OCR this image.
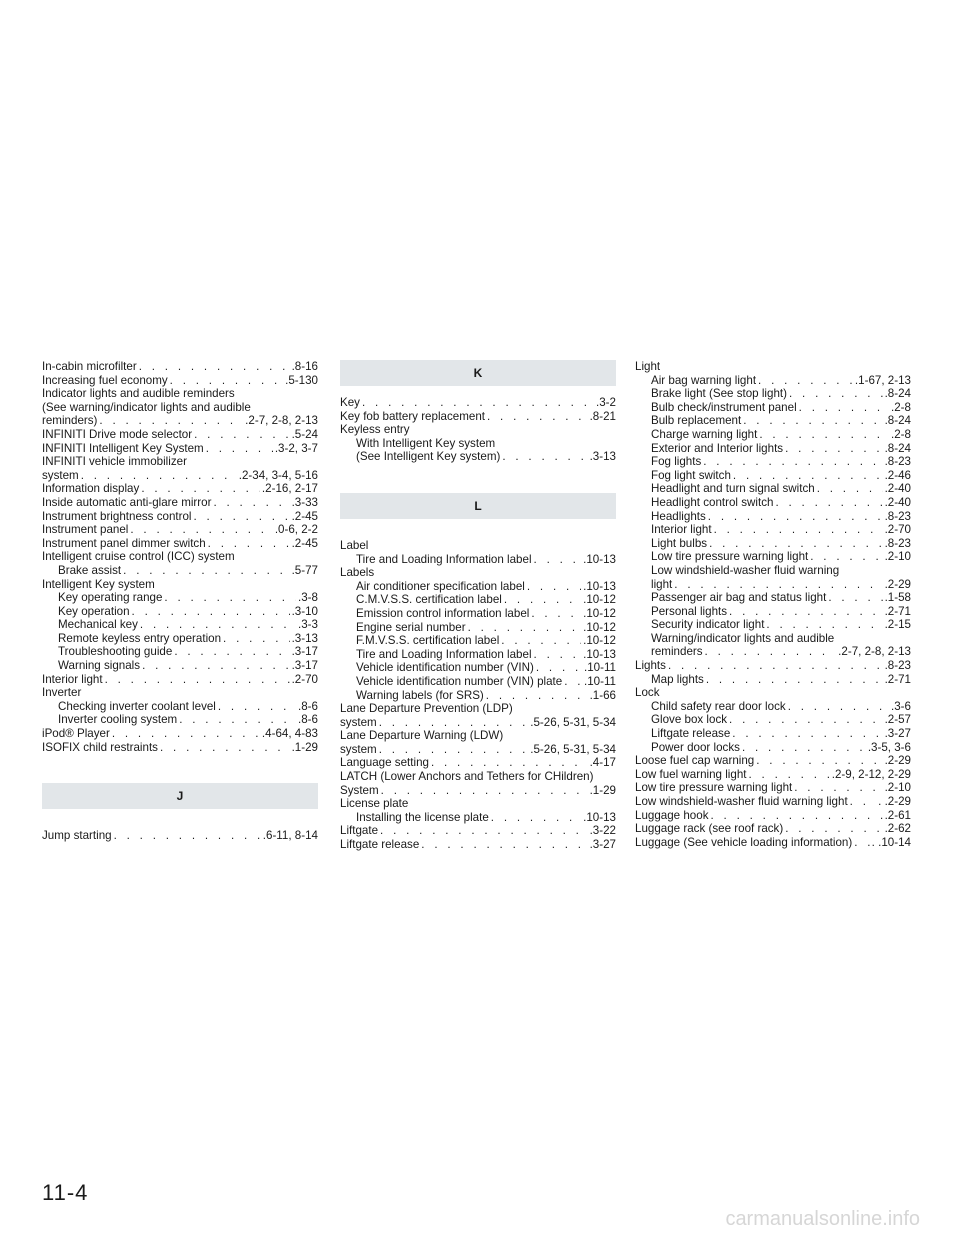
In-cabin microfilter . . .	.8-16
Increasing fuel economy . . .	.5-130
Indicator lights and audible reminders
(See warning/indicator lights and audible
reminders) . . .	.2-7, 2-8, 2-13
INFINITI Drive mode selector . . .	.5-24
INFINITI Intelligent Key System . . .	.3-2, 3-7
INFINITI vehicle immobilizer
system . . .	.2-34, 3-4, 5-16
Information display . . .	.2-16, 2-17
Inside automatic anti-glare mirror . . .	.3-33
Instrument brightness control . . .	.2-45
Instrument panel . . .	.0-6, 2-2
Instrument panel dimmer switch . . .	.2-45
Intelligent cruise control (ICC) system
Brake assist . . .	.5-77
Intelligent Key system
Key operating range . . .	.3-8
Key operation . . .	.3-10
Mechanical key . . .	.3-3
Remote keyless entry operation . . .	.3-13
Troubleshooting guide . . .	.3-17
Warning signals . . .	.3-17
Interior light . . .	.2-70
Inverter
Checking inverter coolant level . . .	.8-6
Inverter cooling system . . .	.8-6
iPod® Player . . .	.4-64, 4-83
ISOFIX child restraints . . .	.1-29
J
Jump starting . . .	.6-11, 8-14
K
Key . . .	.3-2
Key fob battery replacement . . .	.8-21
Keyless entry
With Intelligent Key system
(See Intelligent Key system) . . .	.3-13
L
Label
Tire and Loading Information label . . .	.10-13
Labels
Air conditioner specification label . . .	.10-13
C.M.V.S.S. certification label . . .	.10-12
Emission control information label . . .	.10-12
Engine serial number . . .	.10-12
F.M.V.S.S. certification label . . .	.10-12
Tire and Loading Information label . . .	.10-13
Vehicle identification number (VIN) . . .	.10-11
Vehicle identification number (VIN) plate . . . .10-11
Warning labels (for SRS) . . .	.1-66
Lane Departure Prevention (LDP)
system . . .	.5-26, 5-31, 5-34
Lane Departure Warning (LDW)
system . . .	.5-26, 5-31, 5-34
Language setting . . .	.4-17
LATCH (Lower Anchors and Tethers for CHildren)
System . . .	.1-29
License plate
Installing the license plate . . .	.10-13
Liftgate . . .	.3-22
Liftgate release . . .	.3-27
Light
Air bag warning light . . .	.1-67, 2-13
Brake light (See stop light) . . .	.8-24
Bulb check/instrument panel . . .	.2-8
Bulb replacement . . .	.8-24
Charge warning light . . .	.2-8
Exterior and Interior lights . . .	.8-24
Fog lights . . .	.8-23
Fog light switch . . .	.2-46
Headlight and turn signal switch . . .	.2-40
Headlight control switch . . .	.2-40
Headlights . . .	.8-23
Interior light . . .	.2-70
Light bulbs . . .	.8-23
Low tire pressure warning light . . .	.2-10
Low windshield-washer fluid warning
light . . .	.2-29
Passenger air bag and status light . . .	.1-58
Personal lights . . .	.2-71
Security indicator light . . .	.2-15
Warning/indicator lights and audible
reminders . . .	.2-7, 2-8, 2-13
Lights . . .	.8-23
Map lights . . .	.2-71
Lock
Child safety rear door lock . . .	.3-6
Glove box lock . . .	.2-57
Liftgate release . . .	.3-27
Power door locks . . .	.3-5, 3-6
Loose fuel cap warning . . .	.2-29
Low fuel warning light . . .	.2-9, 2-12, 2-29
Low tire pressure warning light . . .	.2-10
Low windshield-washer fluid warning light . . .	. .2-29
Luggage hook . . .	.2-61
Luggage rack (see roof rack) . . .	.2-62
Luggage (See vehicle loading information) . . . . .10-14
11-4
carmanualsonline.info
